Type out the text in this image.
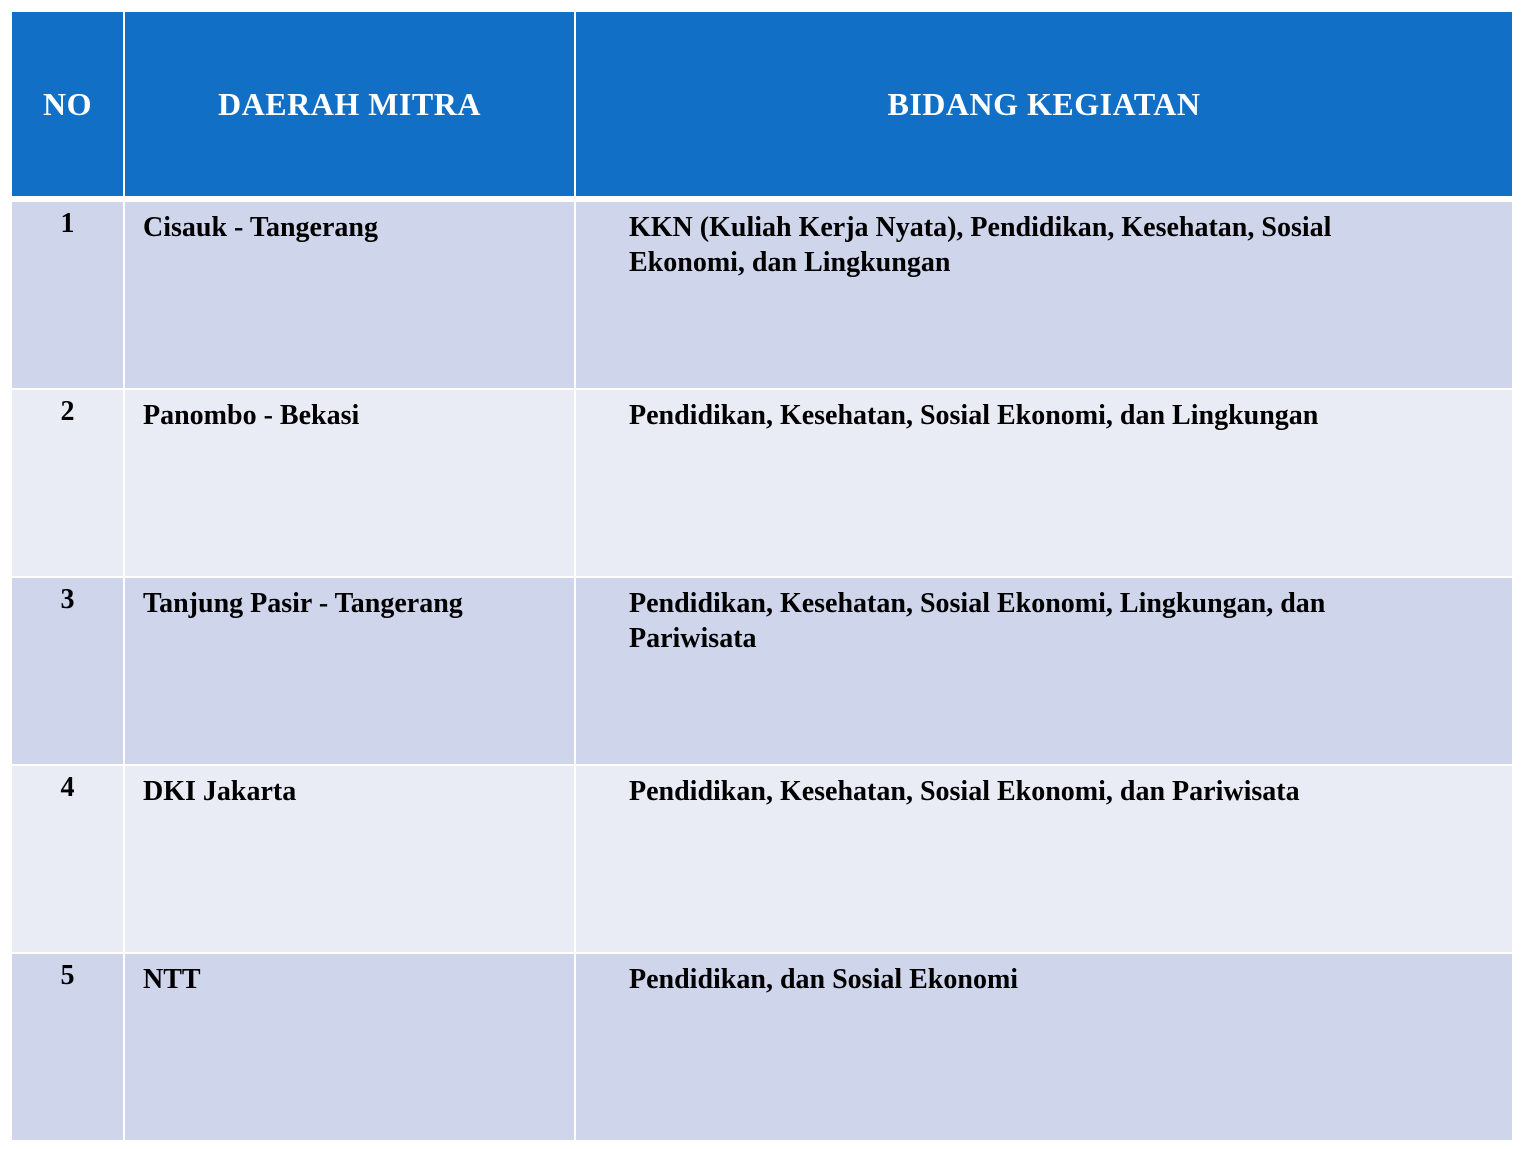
NO	DAERAH MITRA	BIDANG KEGIATAN

1	Cisauk - Tangerang	KKN (Kuliah Kerja Nyata), Pendidikan, Kesehatan, Sosial Ekonomi, dan Lingkungan

2	Panombo - Bekasi	Pendidikan, Kesehatan, Sosial Ekonomi, dan Lingkungan

3	Tanjung Pasir - Tangerang	Pendidikan, Kesehatan, Sosial Ekonomi, Lingkungan, dan Pariwisata

4	DKI Jakarta	Pendidikan, Kesehatan, Sosial Ekonomi, dan Pariwisata

5	NTT	Pendidikan, dan Sosial Ekonomi
